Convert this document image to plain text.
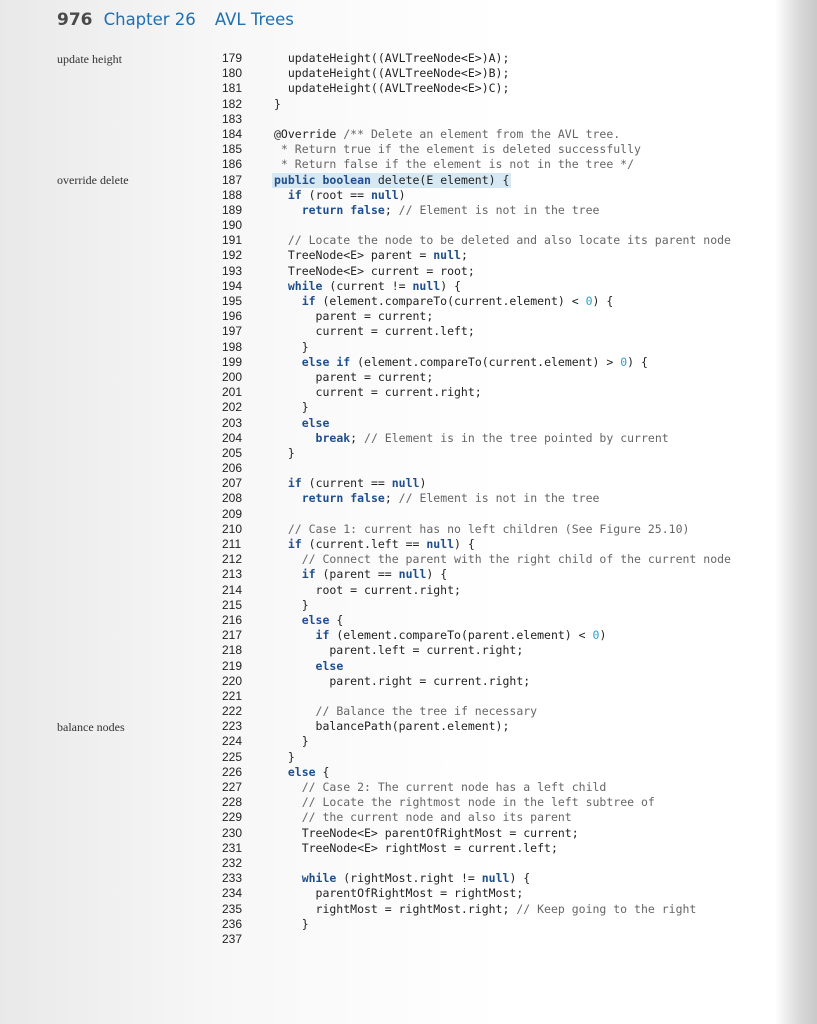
976 Chapter 26 AVL Trees
update height
override delete
balance nodes
179	updateHeight((AVLTreeNode<E>)A);
180	updateHeight((AVLTreeNode<E>)B);
181	updateHeight((AVLTreeNode<E>)C);
182	}
183
184	@Override /** Delete an element from the AVL tree.
185	* Return true if the element is deleted successfully
186	* Return false if the element is not in the tree */
187	public boolean delete(E element) {
188	if (root == null)
189	return false; // Element is not in the tree
190
191	// Locate the node to be deleted and also locate its parent node
192	TreeNode<E> parent = null;
193	TreeNode<E> current = root;
194	while (current != null) {
195	if (element.compareTo(current.element) < 0) {
196	parent = current;
197	current = current.left;
198	}
199	else if (element.compareTo(current.element) > 0) {
200	parent = current;
201	current = current.right;
202	}
203	else
204	break; // Element is in the tree pointed by current
205	}
206
207	if (current == null)
208	return false; // Element is not in the tree
209
210	// Case 1: current has no left children (See Figure 25.10)
211	if (current.left == null) {
212	// Connect the parent with the right child of the current node
213	if (parent == null) {
214	root = current.right;
215	}
216	else {
217	if (element.compareTo(parent.element) < 0)
218	parent.left = current.right;
219	else
220	parent.right = current.right;
221
222	// Balance the tree if necessary
223	balancePath(parent.element);
224	}
225	}
226	else {
227	// Case 2: The current node has a left child
228	// Locate the rightmost node in the left subtree of
229	// the current node and also its parent
230	TreeNode<E> parentOfRightMost = current;
231	TreeNode<E> rightMost = current.left;
232
233	while (rightMost.right != null) {
234	parentOfRightMost = rightMost;
235	rightMost = rightMost.right; // Keep going to the right
236	}
237
